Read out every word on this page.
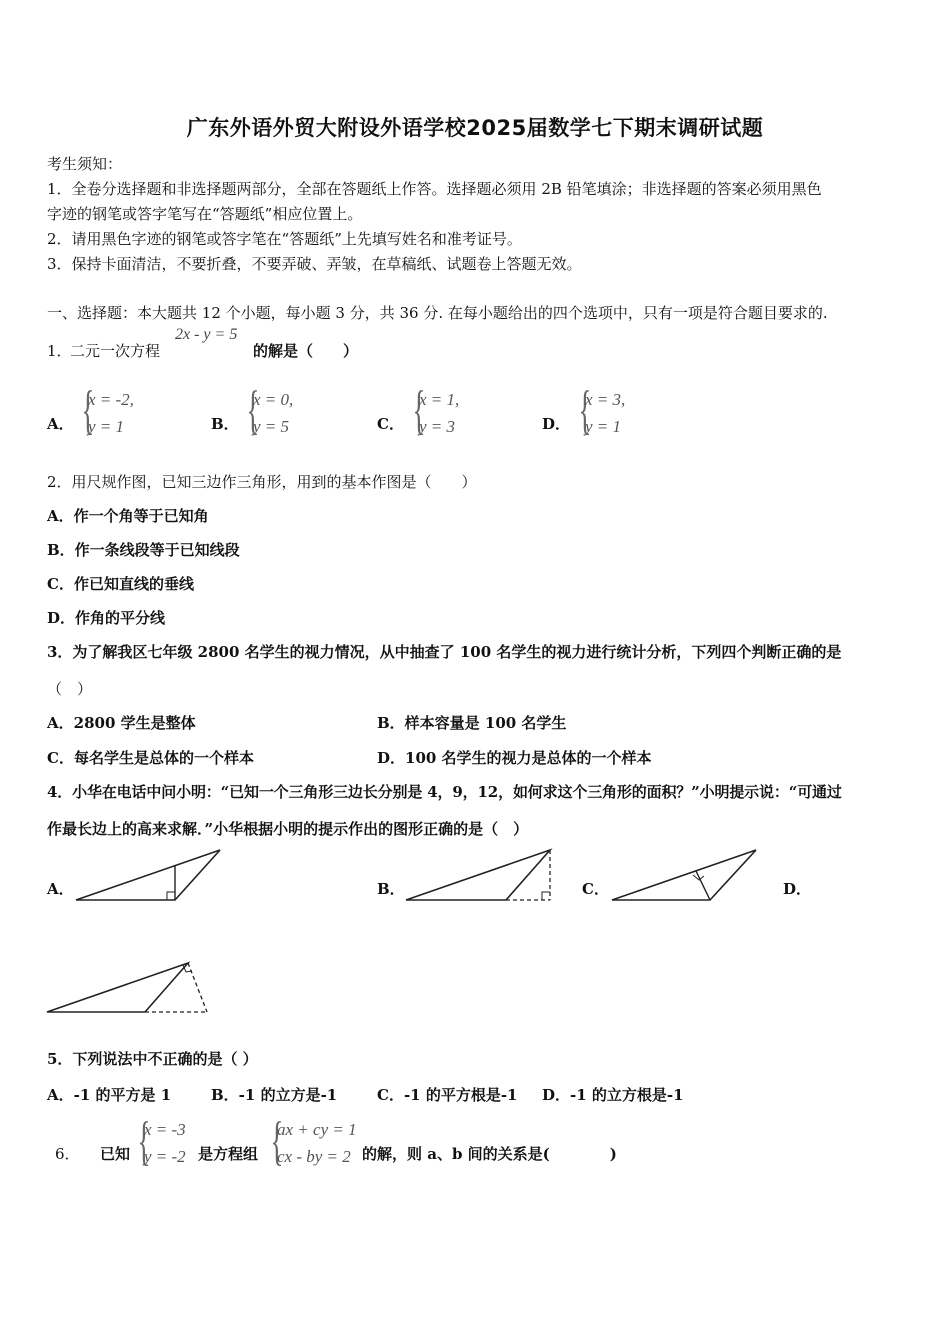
广东外语外贸大附设外语学校2025届数学七下期末调研试题
考生须知：
1．全卷分选择题和非选择题两部分，全部在答题纸上作答。选择题必须用 2B 铅笔填涂；非选择题的答案必须用黑色
字迹的钢笔或答字笔写在“答题纸”相应位置上。
2．请用黑色字迹的钢笔或答字笔在“答题纸”上先填写姓名和准考证号。
3．保持卡面清洁，不要折叠，不要弄破、弄皱，在草稿纸、试题卷上答题无效。
一、选择题：本大题共 12 个小题，每小题 3 分，共 36 分. 在每小题给出的四个选项中，只有一项是符合题目要求的.
1．
二元一次方程
2x - y = 5
的解是（　　）
A． {
x = -2,
y = 1	B． {
x = 0,
y = 5	C． {
x = 1,
y = 3	D． {
x = 3,
y = 1
2．用尺规作图，已知三边作三角形，用到的基本作图是（　　）
A．作一个角等于已知角
B．作一条线段等于已知线段
C．作已知直线的垂线
D．作角的平分线
3．为了解我区七年级 2800 名学生的视力情况，从中抽查了 100 名学生的视力进行统计分析，下列四个判断正确的是
（　）
A．2800 学生是整体	B．样本容量是 100 名学生
C．每名学生是总体的一个样本	D．100 名学生的视力是总体的一个样本
4．小华在电话中问小明：“已知一个三角形三边长分别是 4，9，12，如何求这个三角形的面积？”小明提示说：“可通过
作最长边上的高来求解．”小华根据小明的提示作出的图形正确的是（　）
A．	B．	C．	D．
5．下列说法中不正确的是（ ）
A．-1 的平方是 1	B．-1 的立方是-1	C．-1 的平方根是-1 D．-1 的立方根是-1
6． 已知 {
x = -3
y = -2 是方程组 {
ax + cy = 1
cx - by = 2 的解，则 a、b 间的关系是(　　　　)
